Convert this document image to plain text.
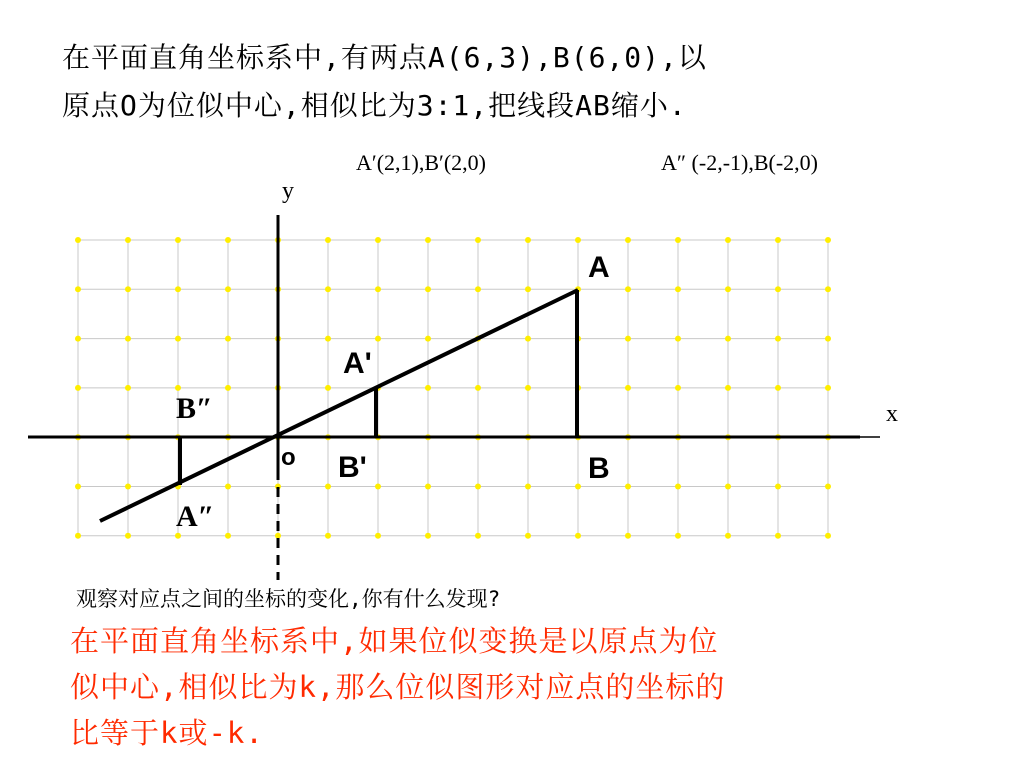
在平面直角坐标系中,有两点A(6,3),B(6,0),以
原点O为位似中心,相似比为3:1,把线段AB缩小.
A′(2,1),B′(2,0)	A″ (-2,-1),B(-2,0)
y
x
o
A
B
A'
B'
B″
A″
观察对应点之间的坐标的变化,你有什么发现?
在平面直角坐标系中,如果位似变换是以原点为位
似中心,相似比为k,那么位似图形对应点的坐标的
比等于k或-k.
